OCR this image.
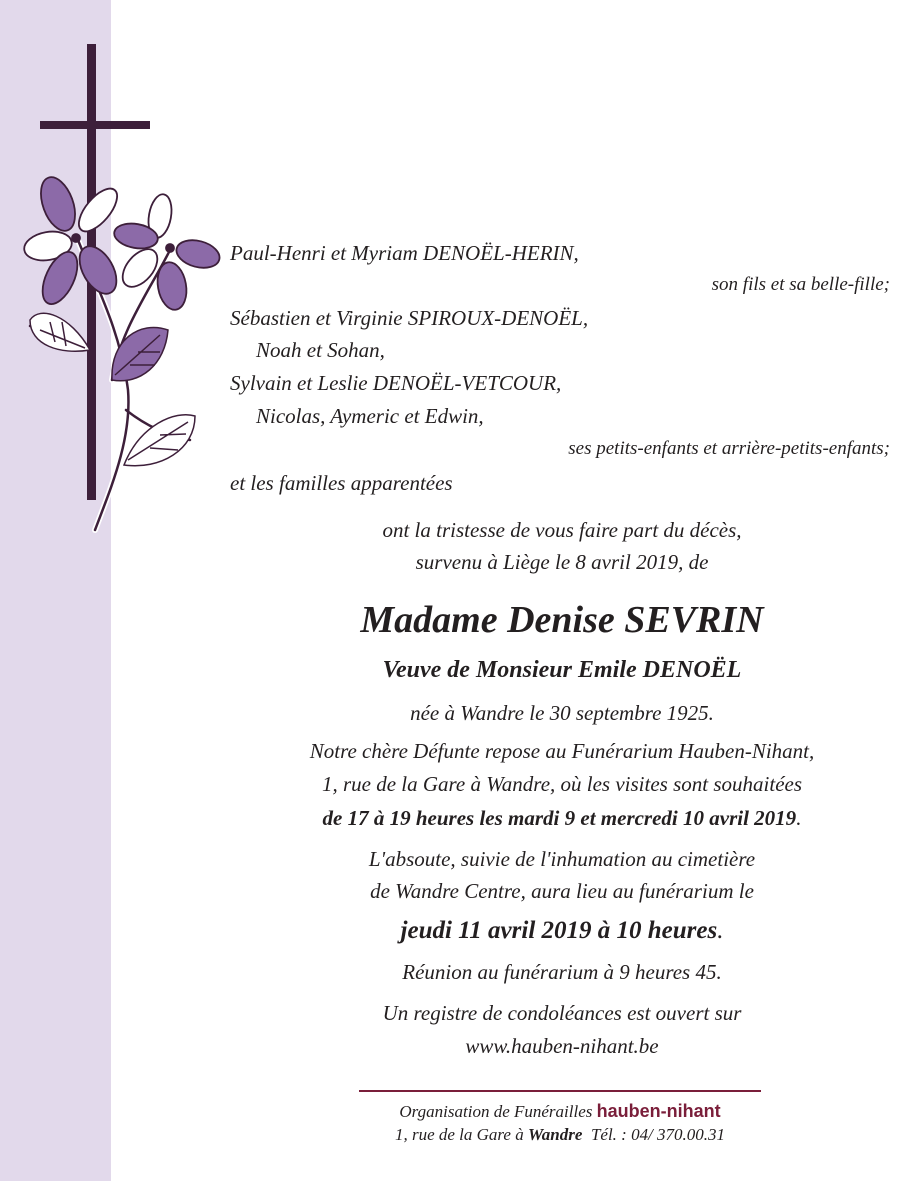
Paul-Henri et Myriam DENOËL-HERIN,
son fils et sa belle-fille;
Sébastien et Virginie SPIROUX-DENOËL,
Noah et Sohan,
Sylvain et Leslie DENOËL-VETCOUR,
Nicolas, Aymeric et Edwin,
ses petits-enfants et arrière-petits-enfants;
et les familles apparentées
ont la tristesse de vous faire part du décès,
survenu à Liège le 8 avril 2019, de
Madame Denise SEVRIN
Veuve de Monsieur Emile DENOËL
née à Wandre le 30 septembre 1925.
Notre chère Défunte repose au Funérarium Hauben-Nihant,
1, rue de la Gare à Wandre, où les visites sont souhaitées
de 17 à 19 heures les mardi 9 et mercredi 10 avril 2019.
L'absoute, suivie de l'inhumation au cimetière
de Wandre Centre, aura lieu au funérarium le
jeudi 11 avril 2019 à 10 heures.
Réunion au funérarium à 9 heures 45.
Un registre de condoléances est ouvert sur
www.hauben-nihant.be
Organisation de Funérailles hauben-nihant
1, rue de la Gare à Wandre Tél. : 04/ 370.00.31
